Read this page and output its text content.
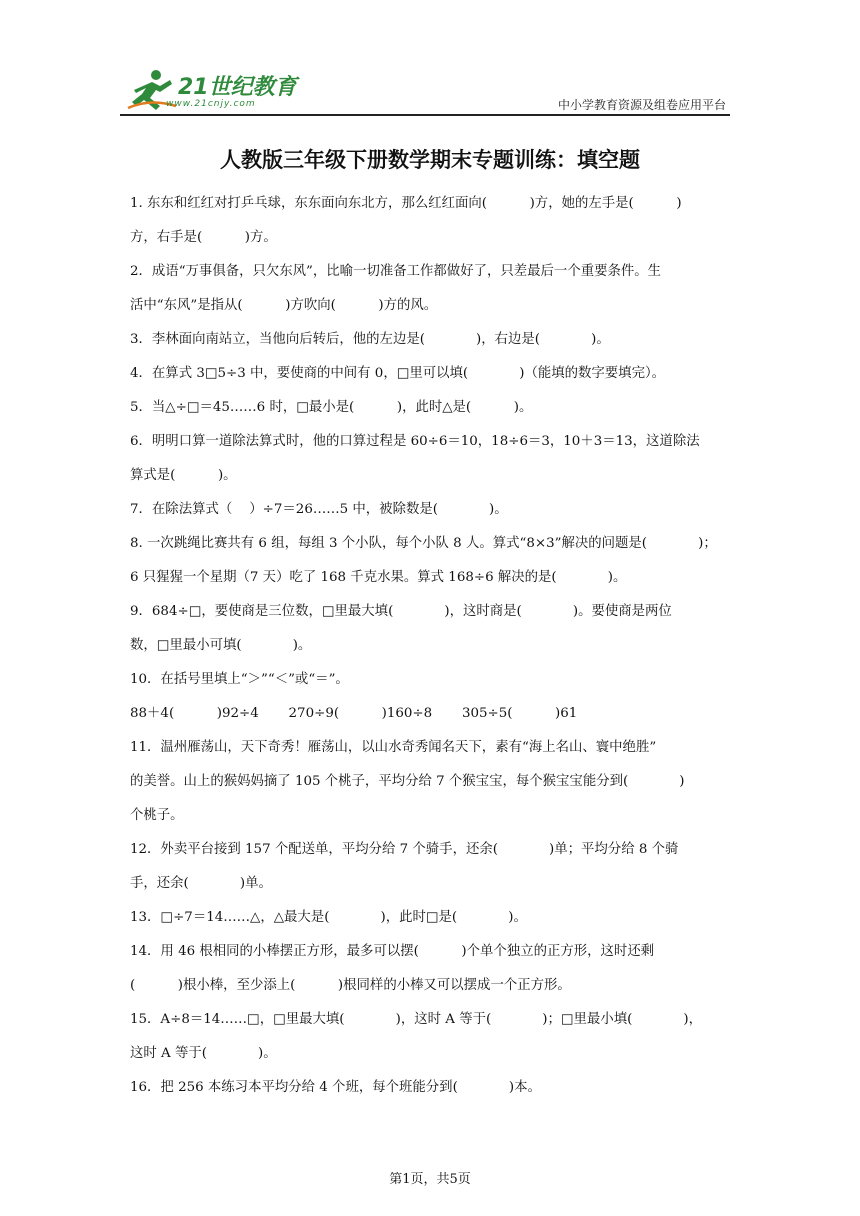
21世纪教育
www.21cnjy.com	中小学教育资源及组卷应用平台
人教版三年级下册数学期末专题训练：填空题
1. 东东和红红对打乒乓球，东东面向东北方，那么红红面向(          )方，她的左手是(          )
方，右手是(          )方。
2．成语“万事俱备，只欠东风”，比喻一切准备工作都做好了，只差最后一个重要条件。生
活中“东风”是指从(          )方吹向(          )方的风。
3．李林面向南站立，当他向后转后，他的左边是(            )，右边是(            )。
4．在算式 3□5÷3 中，要使商的中间有 0，□里可以填(            )（能填的数字要填完）。
5．当△÷□＝45……6 时，□最小是(          )，此时△是(          )。
6．明明口算一道除法算式时，他的口算过程是 60÷6＝10，18÷6＝3，10＋3＝13，这道除法
算式是(          )。
7．在除法算式（    ）÷7＝26……5 中，被除数是(            )。
8. 一次跳绳比赛共有 6 组，每组 3 个小队，每个小队 8 人。算式“8×3”解决的问题是(            )；
6 只猩猩一个星期（7 天）吃了 168 千克水果。算式 168÷6 解决的是(            )。
9．684÷□，要使商是三位数，□里最大填(            )，这时商是(            )。要使商是两位
数，□里最小可填(            )。
10．在括号里填上“＞”“＜”或“＝”。
88＋4(          )92÷4       270÷9(          )160÷8       305÷5(          )61
11．温州雁荡山，天下奇秀！雁荡山，以山水奇秀闻名天下，素有“海上名山、寰中绝胜”
的美誉。山上的猴妈妈摘了 105 个桃子，平均分给 7 个猴宝宝，每个猴宝宝能分到(            )
个桃子。
12．外卖平台接到 157 个配送单，平均分给 7 个骑手，还余(            )单；平均分给 8 个骑
手，还余(            )单。
13．□÷7＝14……△，△最大是(            )，此时□是(            )。
14．用 46 根相同的小棒摆正方形，最多可以摆(          )个单个独立的正方形，这时还剩
(          )根小棒，至少添上(          )根同样的小棒又可以摆成一个正方形。
15．A÷8＝14……□，□里最大填(            )，这时 A 等于(            )；□里最小填(            )，
这时 A 等于(            )。
16．把 256 本练习本平均分给 4 个班，每个班能分到(            )本。
第1页，共5页
